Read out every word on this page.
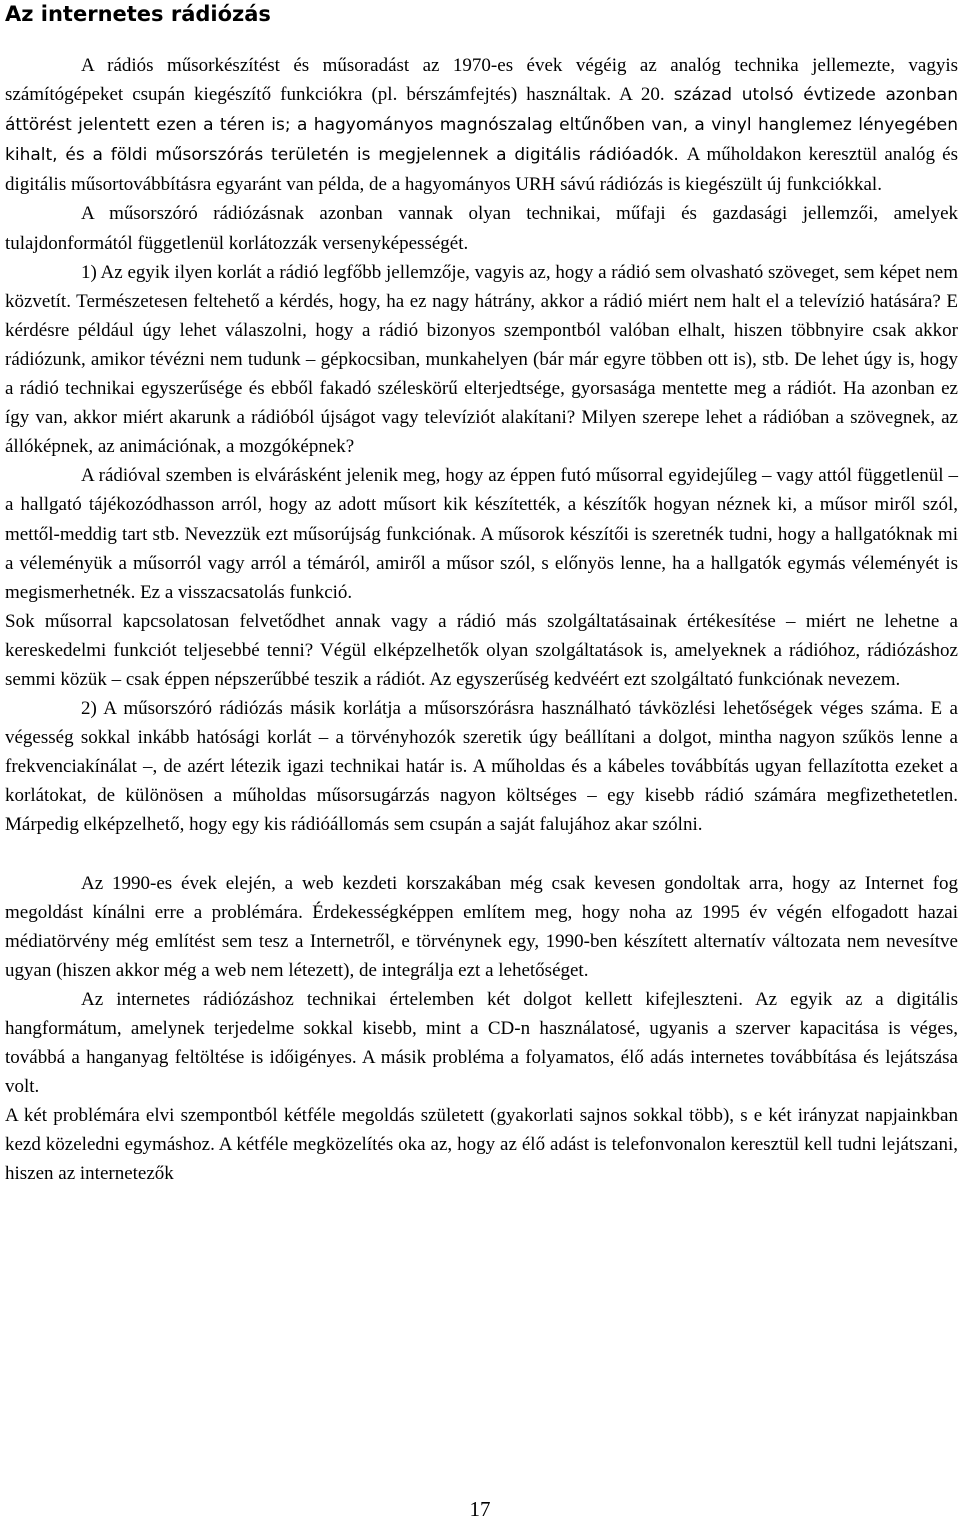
Az internetes rádiózás

A rádiós műsorkészítést és műsoradást az 1970-es évek végéig az analóg technika jellemezte, vagyis számítógépeket csupán kiegészítő funkciókra (pl. bérszámfejtés) használtak. A 20. század utolsó évtizede azonban áttörést jelentett ezen a téren is; a hagyományos magnószalag eltűnőben van, a vinyl hanglemez lényegében kihalt, és a földi műsorszórás területén is megjelennek a digitális rádióadók. A műholdakon keresztül analóg és digitális műsortovábbításra egyaránt van példa, de a hagyományos URH sávú rádiózás is kiegészült új funkciókkal.

A műsorszóró rádiózásnak azonban vannak olyan technikai, műfaji és gazdasági jellemzői, amelyek tulajdonformától függetlenül korlátozzák versenyképességét.

1) Az egyik ilyen korlát a rádió legfőbb jellemzője, vagyis az, hogy a rádió sem olvasható szöveget, sem képet nem közvetít. Természetesen feltehető a kérdés, hogy, ha ez nagy hátrány, akkor a rádió miért nem halt el a televízió hatására? E kérdésre például úgy lehet válaszolni, hogy a rádió bizonyos szempontból valóban elhalt, hiszen többnyire csak akkor rádiózunk, amikor tévézni nem tudunk – gépkocsiban, munkahelyen (bár már egyre többen ott is), stb. De lehet úgy is, hogy a rádió technikai egyszerűsége és ebből fakadó széleskörű elterjedtsége, gyorsasága mentette meg a rádiót. Ha azonban ez így van, akkor miért akarunk a rádióból újságot vagy televíziót alakítani? Milyen szerepe lehet a rádióban a szövegnek, az állóképnek, az animációnak, a mozgóképnek?

A rádióval szemben is elvárásként jelenik meg, hogy az éppen futó műsorral egyidejűleg – vagy attól függetlenül –a hallgató tájékozódhasson arról, hogy az adott műsort kik készítették, a készítők hogyan néznek ki, a műsor miről szól, mettől-meddig tart stb. Nevezzük ezt műsorújság funkciónak. A műsorok készítői is szeretnék tudni, hogy a hallgatóknak mi a véleményük a műsorról vagy arról a témáról, amiről a műsor szól, s előnyös lenne, ha a hallgatók egymás véleményét is megismerhetnék. Ez a visszacsatolás funkció.

Sok műsorral kapcsolatosan felvetődhet annak vagy a rádió más szolgáltatásainak értékesítése – miért ne lehetne a kereskedelmi funkciót teljesebbé tenni? Végül elképzelhetők olyan szolgáltatások is, amelyeknek a rádióhoz, rádiózáshoz semmi közük – csak éppen népszerűbbé teszik a rádiót. Az egyszerűség kedvéért ezt szolgáltató funkciónak nevezem.

2) A műsorszóró rádiózás másik korlátja a műsorszórásra használható távközlési lehetőségek véges száma. E a végesség sokkal inkább hatósági korlát – a törvényhozók szeretik úgy beállítani a dolgot, mintha nagyon szűkös lenne a frekvenciakínálat –, de azért létezik igazi technikai határ is. A műholdas és a kábeles továbbítás ugyan fellazította ezeket a korlátokat, de különösen a műholdas műsorsugárzás nagyon költséges – egy kisebb rádió számára megfizethetetlen. Márpedig elképzelhető, hogy egy kis rádióállomás sem csupán a saját falujához akar szólni.

Az 1990-es évek elején, a web kezdeti korszakában még csak kevesen gondoltak arra, hogy az Internet fog megoldást kínálni erre a problémára. Érdekességképpen említem meg, hogy noha az 1995 év végén elfogadott hazai médiatörvény még említést sem tesz a Internetről, e törvénynek egy, 1990-ben készített alternatív változata nem nevesítve ugyan (hiszen akkor még a web nem létezett), de integrálja ezt a lehetőséget.

Az internetes rádiózáshoz technikai értelemben két dolgot kellett kifejleszteni. Az egyik az a digitális hangformátum, amelynek terjedelme sokkal kisebb, mint a CD-n használatosé, ugyanis a szerver kapacitása is véges, továbbá a hanganyag feltöltése is időigényes. A másik probléma a folyamatos, élő adás internetes továbbítása és lejátszása volt.

A két problémára elvi szempontból kétféle megoldás született (gyakorlati sajnos sokkal több), s e két irányzat napjainkban kezd közeledni egymáshoz. A kétféle megközelítés oka az, hogy az élő adást is telefonvonalon keresztül kell tudni lejátszani, hiszen az internetezők

17
